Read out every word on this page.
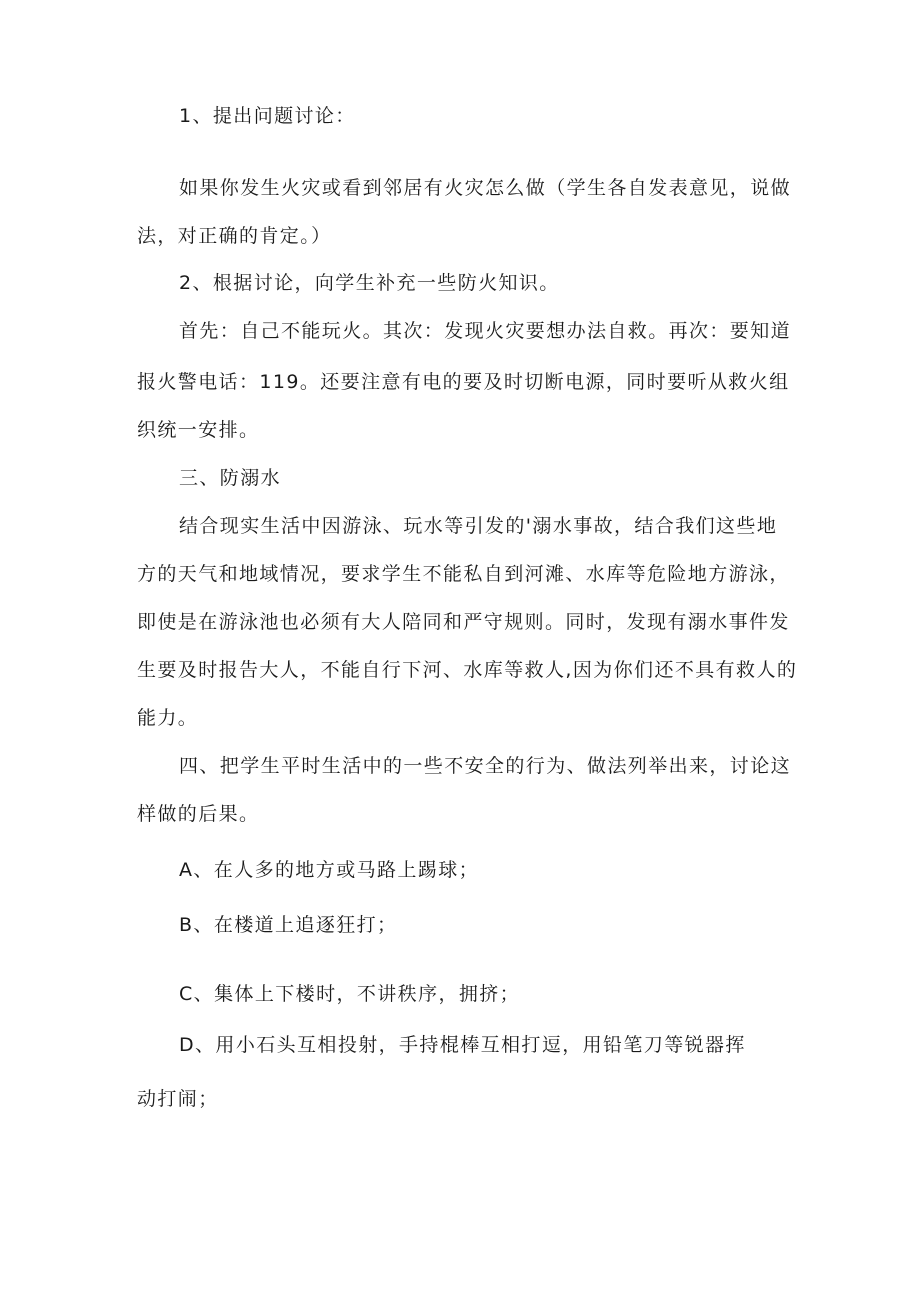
1、提出问题讨论：
如果你发生火灾或看到邻居有火灾怎么做（学生各自发表意见，说做
法，对正确的肯定。）
2、根据讨论，向学生补充一些防火知识。
首先：自己不能玩火。其次：发现火灾要想办法自救。再次：要知道
报火警电话：119。还要注意有电的要及时切断电源，同时要听从救火组
织统一安排。
三、防溺水
结合现实生活中因游泳、玩水等引发的'溺水事故，结合我们这些地
方的天气和地域情况，要求学生不能私自到河滩、水库等危险地方游泳，
即使是在游泳池也必须有大人陪同和严守规则。同时，发现有溺水事件发
生要及时报告大人，不能自行下河、水库等救人,因为你们还不具有救人的
能力。
四、把学生平时生活中的一些不安全的行为、做法列举出来，讨论这
样做的后果。
A、在人多的地方或马路上踢球；
B、在楼道上追逐狂打；
C、集体上下楼时，不讲秩序，拥挤；
D、用小石头互相投射，手持棍棒互相打逗，用铅笔刀等锐器挥
动打闹；
